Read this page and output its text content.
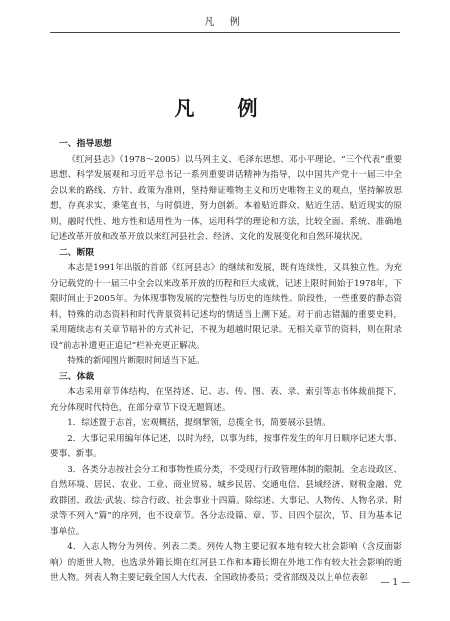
凡 例
凡 例
一、指导思想

《红河县志》（1978～2005）以马列主义、毛泽东思想、邓小平理论、“三个代表”重要思想、科学发展观和习近平总书记一系列重要讲话精神为指导，以中国共产党十一届三中全会以来的路线、方针、政策为准则，坚持辩证唯物主义和历史唯物主义的观点，坚持解放思想，存真求实，秉笔直书，与时俱进，努力创新。本着贴近群众、贴近生活、贴近现实的原则，融时代性、地方性和适用性为一体，运用科学的理论和方法，比较全面、系统、准确地记述改革开放和改革开放以来红河县社会、经济、文化的发展变化和自然环境状况。

二、断限

本志是1991年出版的首部《红河县志》的继续和发展，既有连续性，又具独立性。为充分记载党的十一届三中全会以来改革开放的历程和巨大成就，记述上限时间始于1978年，下限时间止于2005年。为体现事物发展的完整性与历史的连续性、阶段性，一些重要的静态资料，特殊的动态资料和时代背景资料记述均的情适当上溯下延。对于前志错漏的重要史料，采用随续志有关章节暗补的方式补记，不视为超越时限记录。无相关章节的资料，则在附录设“前志补遗更正追记”栏补充更正解决。

特殊的新闻图片断限时间适当下延。

三、体裁

本志采用章节体结构，在坚持述、记、志、传、图、表、录、索引等志书体裁前提下，充分体现时代特色，在部分章节下设无题简述。

1．综述置于志首，宏观概括，提纲挈领，总揽全书，简要展示县情。

2．大事记采用编年体记述，以时为经，以事为纬，按事件发生的年月日顺序记述大事、要事、新事。

3．各类分志按社会分工和事物性质分类，不受现行行政管理体制的限制。全志设政区、自然环境、居民、农业、工业、商业贸易、城乡民居、交通电信、县域经济、财税金融、党政群团、政法·武装、综合行政、社会事业十四篇。除综述、大事记、人物传、人物名录、附录等不列入“篇”的序列，也不设章节。各分志设篇、章、节、目四个层次，节、目为基本记事单位。

4．入志人物分为列传、列表二类。列传人物主要记叙本地有较大社会影响（含反面影响）的逝世人物，也选录外籍长期在红河县工作和本籍长期在外地工作有较大社会影响的逝世人物。列表人物主要记载全国人大代表、全国政协委员；受省部级及以上单位表彰	— 1 —
